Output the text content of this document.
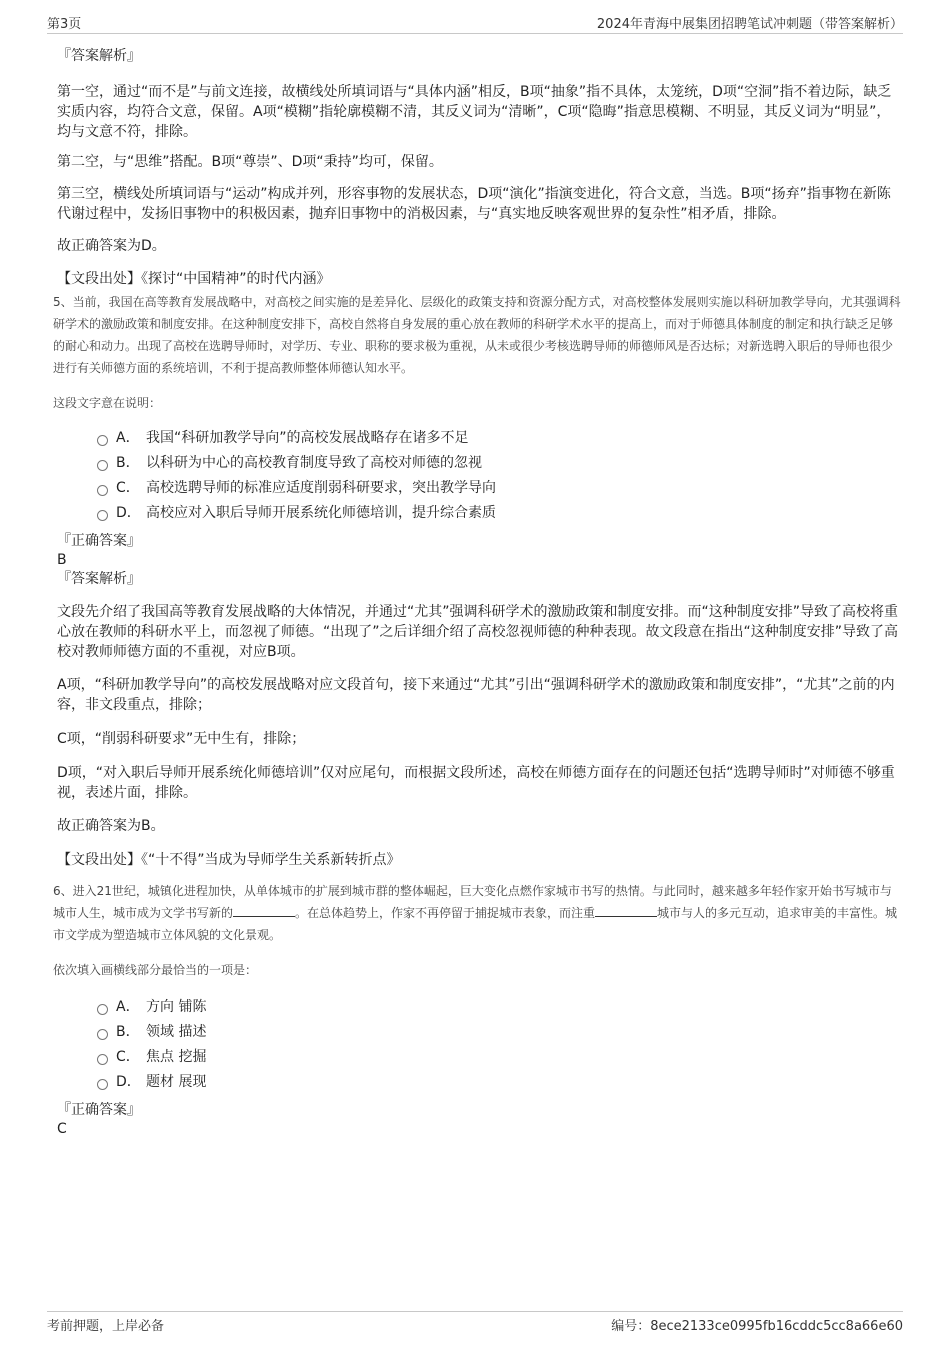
第3页	2024年青海中展集团招聘笔试冲刺题（带答案解析）
『答案解析』

第一空，通过“而不是”与前文连接，故横线处所填词语与“具体内涵”相反，B项“抽象”指不具体，太笼统，D项“空洞”指不着边际，缺乏实质内容，均符合文意，保留。A项“模糊”指轮廓模糊不清，其反义词为“清晰”，C项“隐晦”指意思模糊、不明显，其反义词为“明显”，均与文意不符，排除。

第二空，与“思维”搭配。B项“尊崇”、D项“秉持”均可，保留。

第三空，横线处所填词语与“运动”构成并列，形容事物的发展状态，D项“演化”指演变进化，符合文意，当选。B项“扬弃”指事物在新陈代谢过程中，发扬旧事物中的积极因素，抛弃旧事物中的消极因素，与“真实地反映客观世界的复杂性”相矛盾，排除。

故正确答案为D。

【文段出处】《探讨“中国精神”的时代内涵》

5、当前，我国在高等教育发展战略中，对高校之间实施的是差异化、层级化的政策支持和资源分配方式，对高校整体发展则实施以科研加教学导向，尤其强调科研学术的激励政策和制度安排。在这种制度安排下，高校自然将自身发展的重心放在教师的科研学术水平的提高上，而对于师德具体制度的制定和执行缺乏足够的耐心和动力。出现了高校在选聘导师时，对学历、专业、职称的要求极为重视，从未或很少考核选聘导师的师德师风是否达标；对新选聘入职后的导师也很少进行有关师德方面的系统培训，不利于提高教师整体师德认知水平。

这段文字意在说明：

A． 我国“科研加教学导向”的高校发展战略存在诸多不足
B． 以科研为中心的高校教育制度导致了高校对师德的忽视
C． 高校选聘导师的标准应适度削弱科研要求，突出教学导向
D． 高校应对入职后导师开展系统化师德培训，提升综合素质
『正确答案』
B
『答案解析』

文段先介绍了我国高等教育发展战略的大体情况，并通过“尤其”强调科研学术的激励政策和制度安排。而“这种制度安排”导致了高校将重心放在教师的科研水平上，而忽视了师德。“出现了”之后详细介绍了高校忽视师德的种种表现。故文段意在指出“这种制度安排”导致了高校对教师师德方面的不重视，对应B项。

A项，“科研加教学导向”的高校发展战略对应文段首句，接下来通过“尤其”引出“强调科研学术的激励政策和制度安排”，“尤其”之前的内容，非文段重点，排除；

C项，“削弱科研要求”无中生有，排除；

D项，“对入职后导师开展系统化师德培训”仅对应尾句，而根据文段所述，高校在师德方面存在的问题还包括“选聘导师时”对师德不够重视，表述片面，排除。

故正确答案为B。

【文段出处】《“十不得”当成为导师学生关系新转折点》

6、进入21世纪，城镇化进程加快，从单体城市的扩展到城市群的整体崛起，巨大变化点燃作家城市书写的热情。与此同时，越来越多年轻作家开始书写城市与城市人生，城市成为文学书写新的	。在总体趋势上，作家不再停留于捕捉城市表象，而注重	城市与人的多元互动，追求审美的丰富性。城市文学成为塑造城市立体风貌的文化景观。

依次填入画横线部分最恰当的一项是：

A． 方向 铺陈
B． 领域 描述
C． 焦点 挖掘
D． 题材 展现
『正确答案』
C
考前押题，上岸必备	编号：8ece2133ce0995fb16cddc5cc8a66e60
